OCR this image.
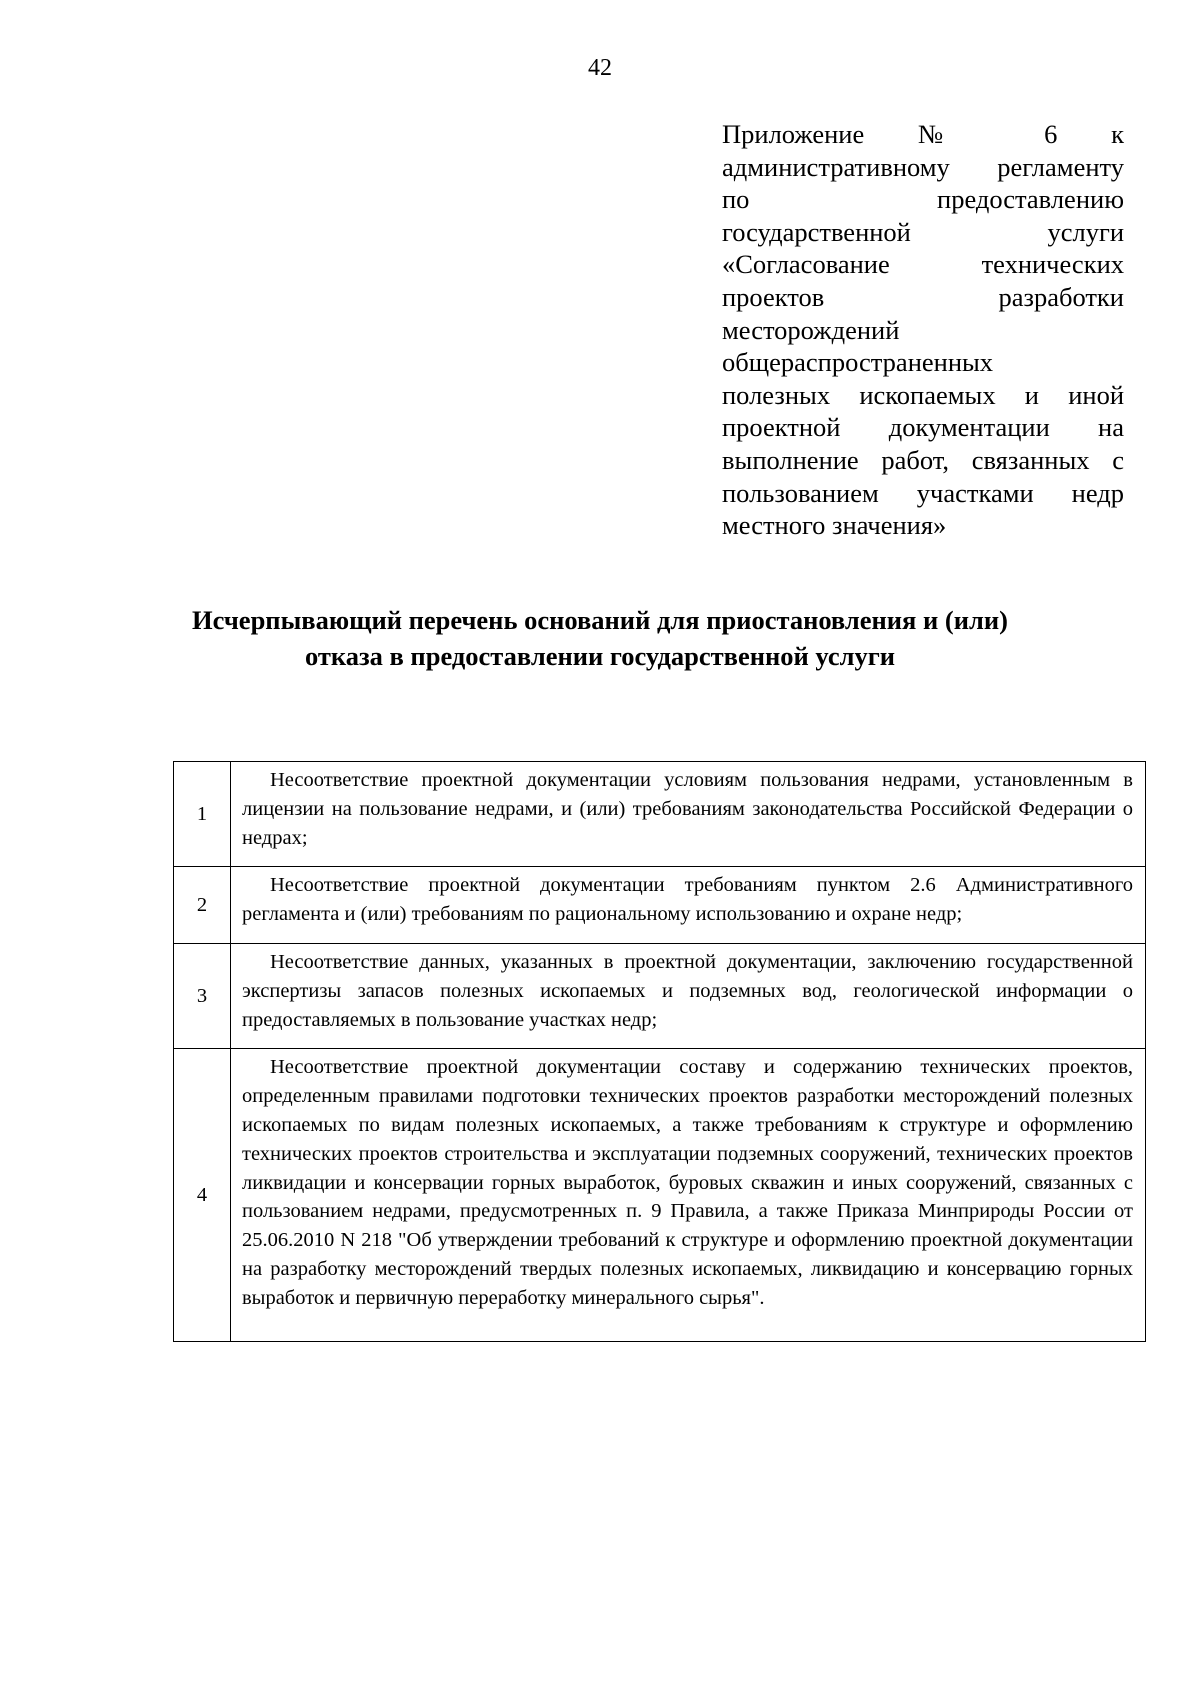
42
Приложение № 6 к
административному регламенту
по предоставлению
государственной услуги
«Согласование технических
проектов разработки
месторождений
общераспространенных
полезных ископаемых и иной
проектной документации на
выполнение работ, связанных с
пользованием участками недр
местного значения»
Исчерпывающий перечень оснований для приостановления и (или)
отказа в предоставлении государственной услуги
1	Несоответствие проектной документации условиям пользования недрами, установленным в лицензии на пользование недрами, и (или) требованиям законодательства Российской Федерации о недрах;
2	Несоответствие проектной документации требованиям пунктом 2.6 Административного регламента и (или) требованиям по рациональному использованию и охране недр;
3	Несоответствие данных, указанных в проектной документации, заключению государственной экспертизы запасов полезных ископаемых и подземных вод, геологической информации о предоставляемых в пользование участках недр;
4	Несоответствие проектной документации составу и содержанию технических проектов, определенным правилами подготовки технических проектов разработки месторождений полезных ископаемых по видам полезных ископаемых, а также требованиям к структуре и оформлению технических проектов строительства и эксплуатации подземных сооружений, технических проектов ликвидации и консервации горных выработок, буровых скважин и иных сооружений, связанных с пользованием недрами, предусмотренных п. 9 Правила, а также Приказа Минприроды России от 25.06.2010 N 218 "Об утверждении требований к структуре и оформлению проектной документации на разработку месторождений твердых полезных ископаемых, ликвидацию и консервацию горных выработок и первичную переработку минерального сырья".
